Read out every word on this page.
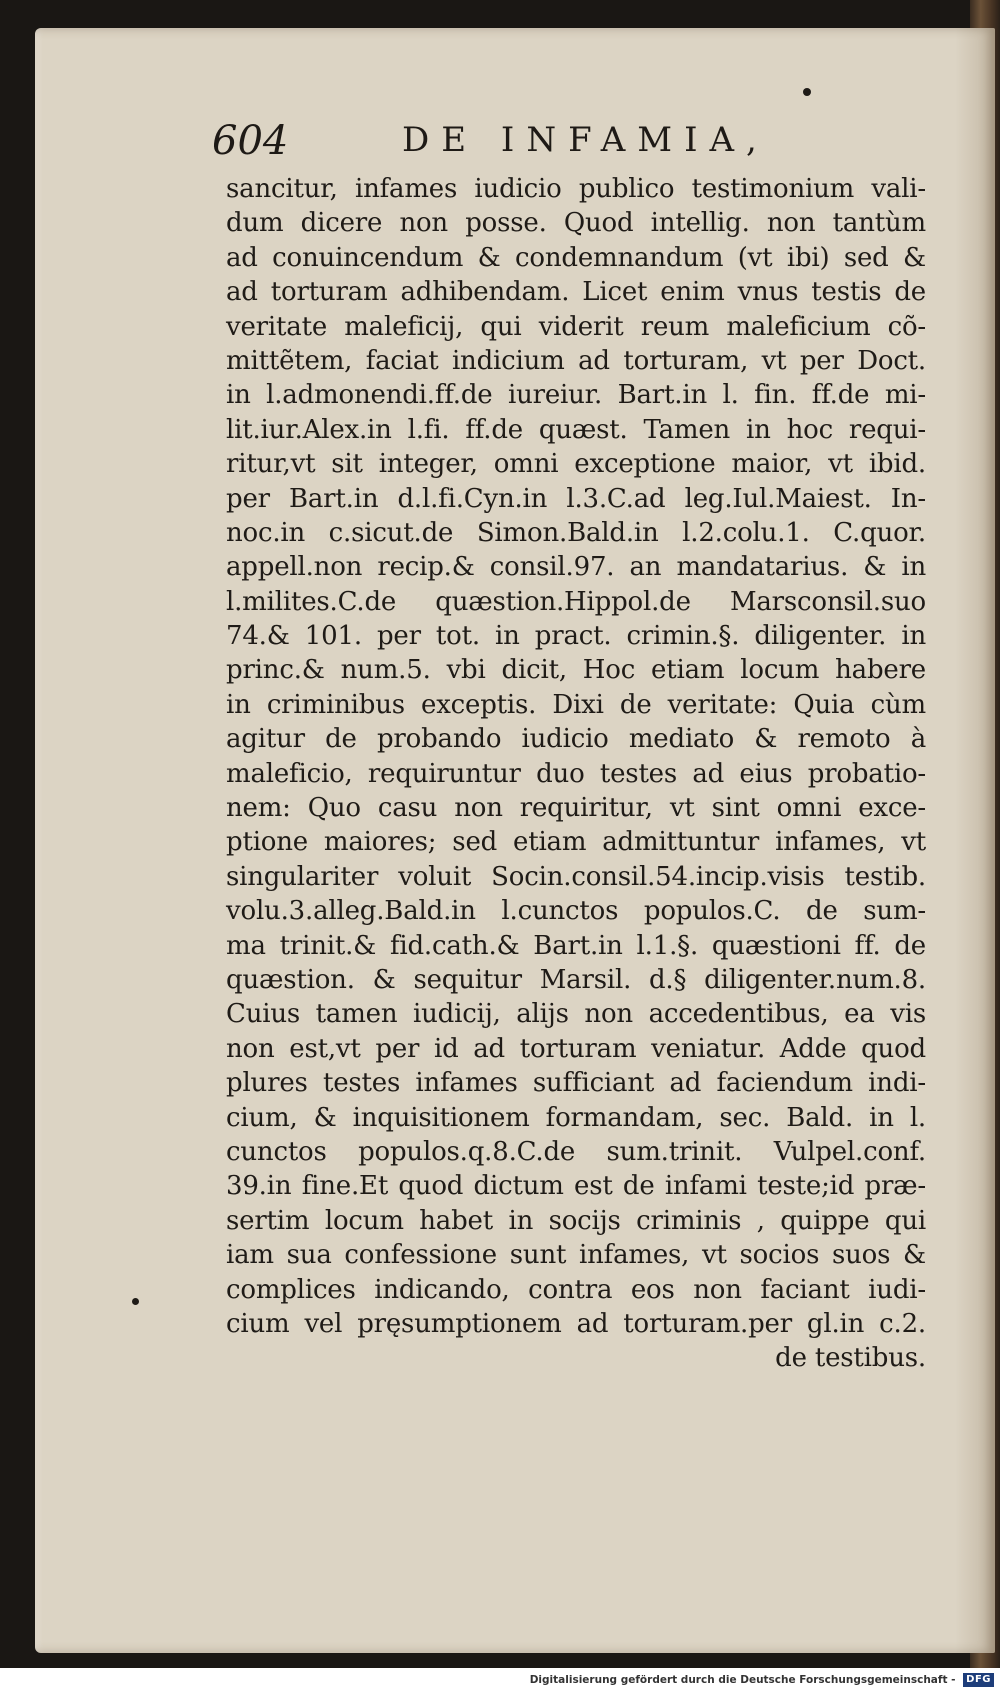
604	DE INFAMIA,
sancitur, infames iudicio publico testimonium vali-
dum dicere non posse. Quod intellig. non tantùm
ad conuincendum & condemnandum (vt ibi) sed &
ad torturam adhibendam. Licet enim vnus testis de
veritate maleficij, qui viderit reum maleficium cõ-
mittẽtem, faciat indicium ad torturam, vt per Doct.
in l.admonendi.ff.de iureiur. Bart.in l. fin. ff.de mi-
lit.iur.Alex.in l.fi. ff.de quæst. Tamen in hoc requi-
ritur,vt sit integer, omni exceptione maior, vt ibid.
per Bart.in d.l.fi.Cyn.in l.3.C.ad leg.Iul.Maiest. In-
noc.in c.sicut.de Simon.Bald.in l.2.colu.1. C.quor.
appell.non recip.& consil.97. an mandatarius. & in
l.milites.C.de quæstion.Hippol.de Marsconsil.suo
74.& 101. per tot. in pract. crimin.§. diligenter. in
princ.& num.5. vbi dicit, Hoc etiam locum habere
in criminibus exceptis. Dixi de veritate: Quia cùm
agitur de probando iudicio mediato & remoto à
maleficio, requiruntur duo testes ad eius probatio-
nem: Quo casu non requiritur, vt sint omni exce-
ptione maiores; sed etiam admittuntur infames, vt
singulariter voluit Socin.consil.54.incip.visis testib.
volu.3.alleg.Bald.in l.cunctos populos.C. de sum-
ma trinit.& fid.cath.& Bart.in l.1.§. quæstioni ff. de
quæstion. & sequitur Marsil. d.§ diligenter.num.8.
Cuius tamen iudicij, alijs non accedentibus, ea vis
non est,vt per id ad torturam veniatur. Adde quod
plures testes infames sufficiant ad faciendum indi-
cium, & inquisitionem formandam, sec. Bald. in l.
cunctos populos.q.8.C.de sum.trinit. Vulpel.conf.
39.in fine.Et quod dictum est de infami teste;id præ-
sertim locum habet in socijs criminis , quippe qui
iam sua confessione sunt infames, vt socios suos &
complices indicando, contra eos non faciant iudi-
cium vel pręsumptionem ad torturam.per gl.in c.2.
de testibus.
Digitalisierung gefördert durch die Deutsche Forschungsgemeinschaft - DFG
